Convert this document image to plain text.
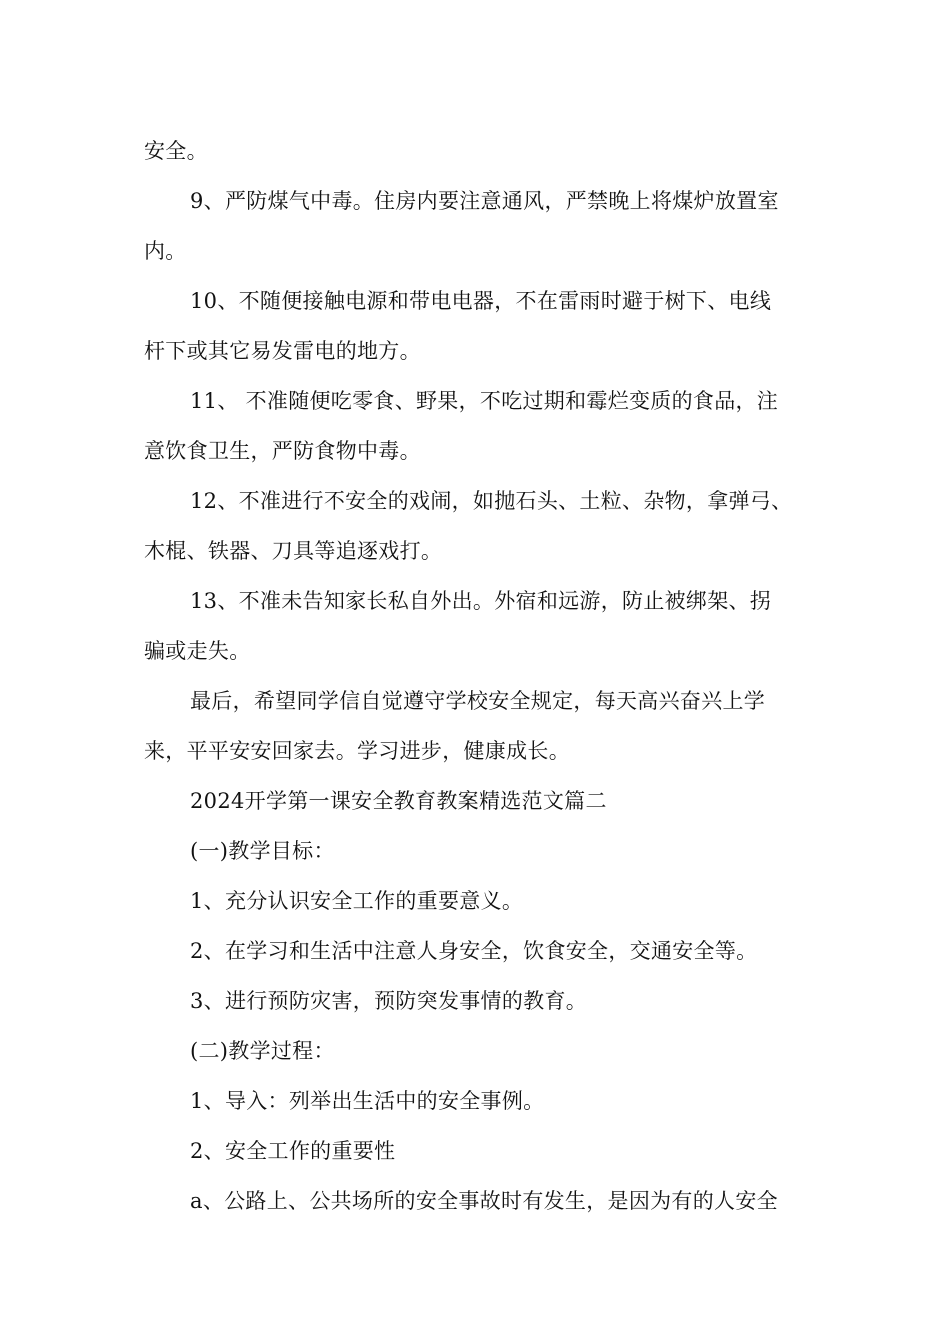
安全。
9、严防煤气中毒。住房内要注意通风，严禁晚上将煤炉放置室
内。
10、不随便接触电源和带电电器，不在雷雨时避于树下、电线
杆下或其它易发雷电的地方。
11、 不准随便吃零食、野果，不吃过期和霉烂变质的食品，注
意饮食卫生，严防食物中毒。
12、不准进行不安全的戏闹，如抛石头、土粒、杂物，拿弹弓、
木棍、铁器、刀具等追逐戏打。
13、不准未告知家长私自外出。外宿和远游，防止被绑架、拐
骗或走失。
最后，希望同学信自觉遵守学校安全规定，每天高兴奋兴上学
来，平平安安回家去。学习进步，健康成长。
2024开学第一课安全教育教案精选范文篇二
(一)教学目标：
1、充分认识安全工作的重要意义。
2、在学习和生活中注意人身安全，饮食安全，交通安全等。
3、进行预防灾害，预防突发事情的教育。
(二)教学过程：
1、导入：列举出生活中的安全事例。
2、安全工作的重要性
a、公路上、公共场所的安全事故时有发生，是因为有的人安全
